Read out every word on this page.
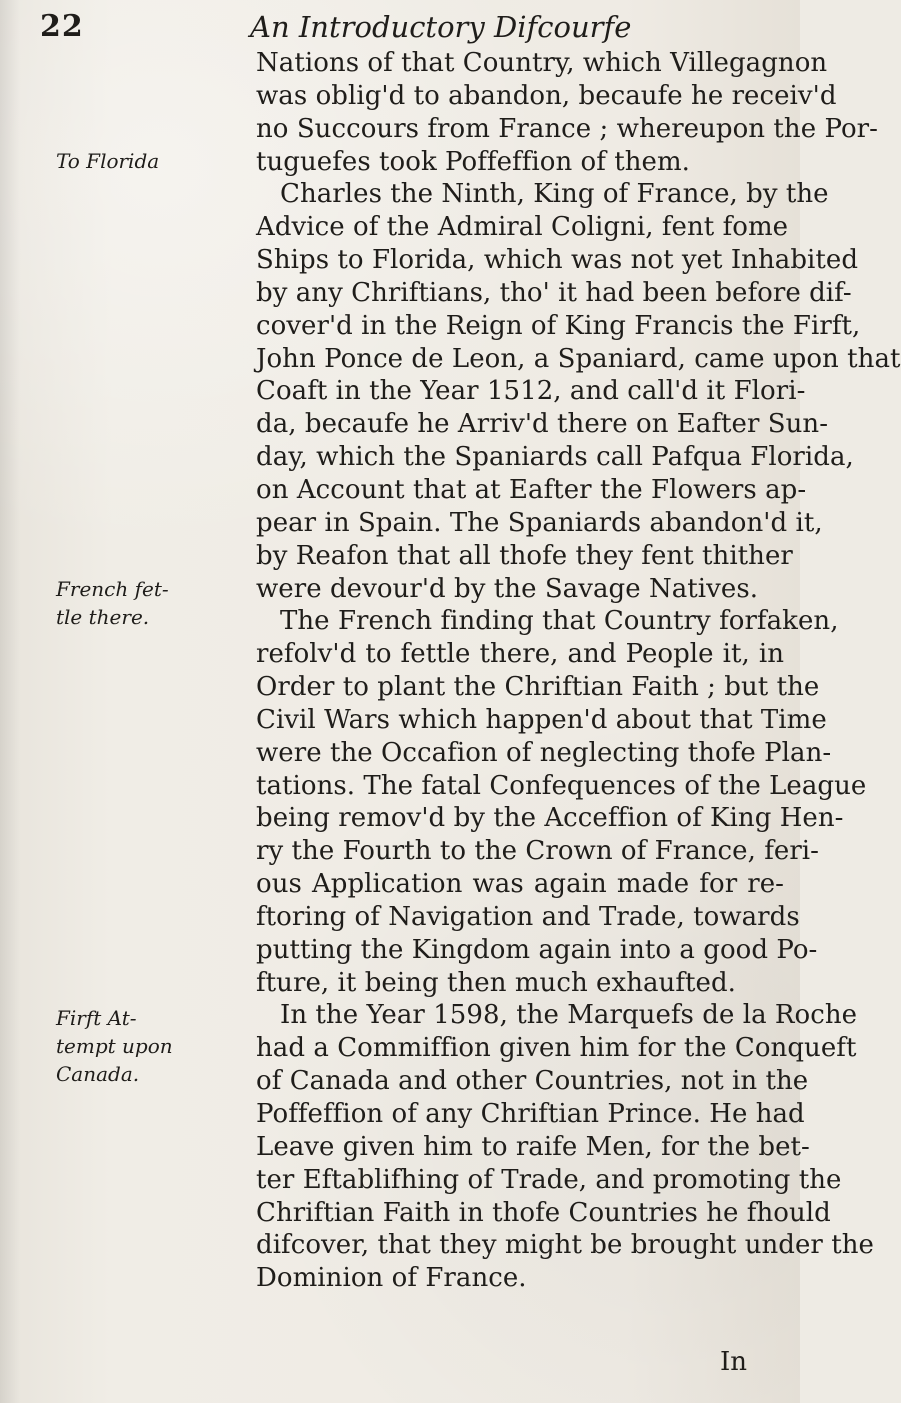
22	An Introductory Difcourfe
To Florida
French fet-
tle there.
Firft At-
tempt upon
Canada.
Nations of that Country, which Villegagnon
was oblig'd to abandon, becaufe he receiv'd
no Succours from France ; whereupon the Por-
tuguefes took Poffeffion of them.
Charles the Ninth, King of France, by the
Advice of the Admiral Coligni, fent fome
Ships to Florida, which was not yet Inhabited
by any Chriftians, tho' it had been before dif-
cover'd in the Reign of King Francis the Firft,
John Ponce de Leon, a Spaniard, came upon that
Coaft in the Year 1512, and call'd it Flori-
da, becaufe he Arriv'd there on Eafter Sun-
day, which the Spaniards call Pafqua Florida,
on Account that at Eafter the Flowers ap-
pear in Spain. The Spaniards abandon'd it,
by Reafon that all thofe they fent thither
were devour'd by the Savage Natives.
The French finding that Country forfaken,
refolv'd to fettle there, and People it, in
Order to plant the Chriftian Faith ; but the
Civil Wars which happen'd about that Time
were the Occafion of neglecting thofe Plan-
tations. The fatal Confequences of the League
being remov'd by the Acceffion of King Hen-
ry the Fourth to the Crown of France, feri-
ous Application was again made for re-
ftoring of Navigation and Trade, towards
putting the Kingdom again into a good Po-
fture, it being then much exhaufted.
In the Year 1598, the Marquefs de la Roche
had a Commiffion given him for the Conqueft
of Canada and other Countries, not in the
Poffeffion of any Chriftian Prince. He had
Leave given him to raife Men, for the bet-
ter Eftablifhing of Trade, and promoting the
Chriftian Faith in thofe Countries he fhould
difcover, that they might be brought under the
Dominion of France.
In
